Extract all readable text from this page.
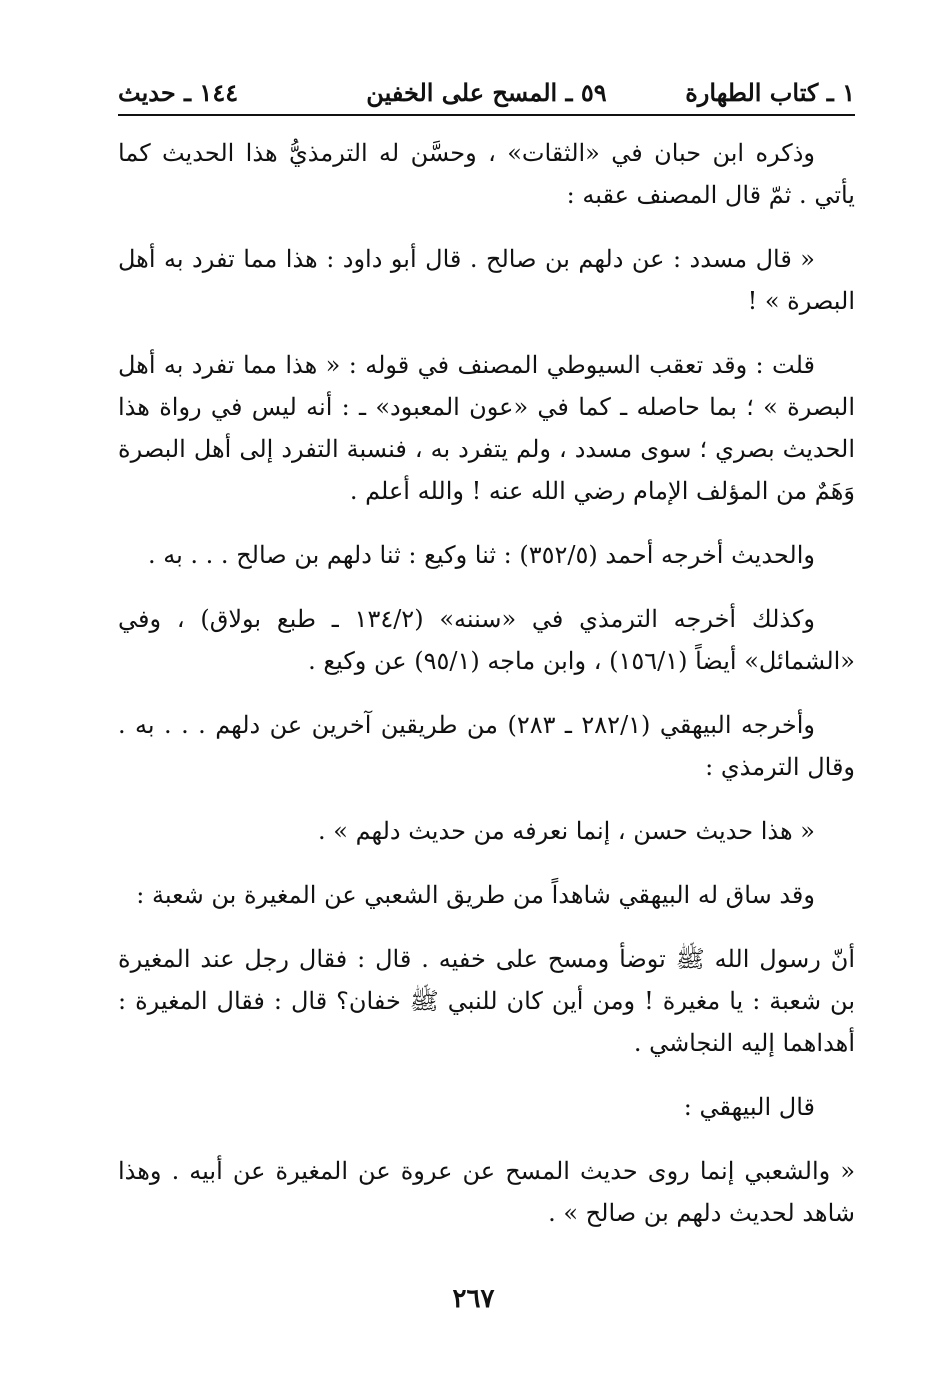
١ ـ كتاب الطهارة
٥٩ ـ المسح على الخفين
١٤٤ ـ حديث

وذكره ابن حبان في «الثقات» ، وحسَّن له الترمذيُّ هذا الحديث كما يأتي . ثمّ قال المصنف عقبه :

« قال مسدد : عن دلهم بن صالح . قال أبو داود : هذا مما تفرد به أهل البصرة » !

قلت : وقد تعقب السيوطي المصنف في قوله : « هذا مما تفرد به أهل البصرة » ؛ بما حاصله ـ كما في «عون المعبود» ـ : أنه ليس في رواة هذا الحديث بصري ؛ سوى مسدد ، ولم يتفرد به ، فنسبة التفرد إلى أهل البصرة وَهَمٌ من المؤلف الإمام رضي الله عنه ! والله أعلم .

والحديث أخرجه أحمد (٣٥٢/٥) : ثنا وكيع : ثنا دلهم بن صالح . . . به .

وكذلك أخرجه الترمذي في «سننه» (١٣٤/٢ ـ طبع بولاق) ، وفي «الشمائل» أيضاً (١٥٦/١) ، وابن ماجه (٩٥/١) عن وكيع .

وأخرجه البيهقي (٢٨٢/١ ـ ٢٨٣) من طريقين آخرين عن دلهم . . . به . وقال الترمذي :

« هذا حديث حسن ، إنما نعرفه من حديث دلهم » .

وقد ساق له البيهقي شاهداً من طريق الشعبي عن المغيرة بن شعبة :

أنّ رسول الله ﷺ توضأ ومسح على خفيه . قال : فقال رجل عند المغيرة بن شعبة : يا مغيرة ! ومن أين كان للنبي ﷺ خفان؟ قال : فقال المغيرة : أهداهما إليه النجاشي .

قال البيهقي :

« والشعبي إنما روى حديث المسح عن عروة عن المغيرة عن أبيه . وهذا شاهد لحديث دلهم بن صالح » .

٢٦٧
